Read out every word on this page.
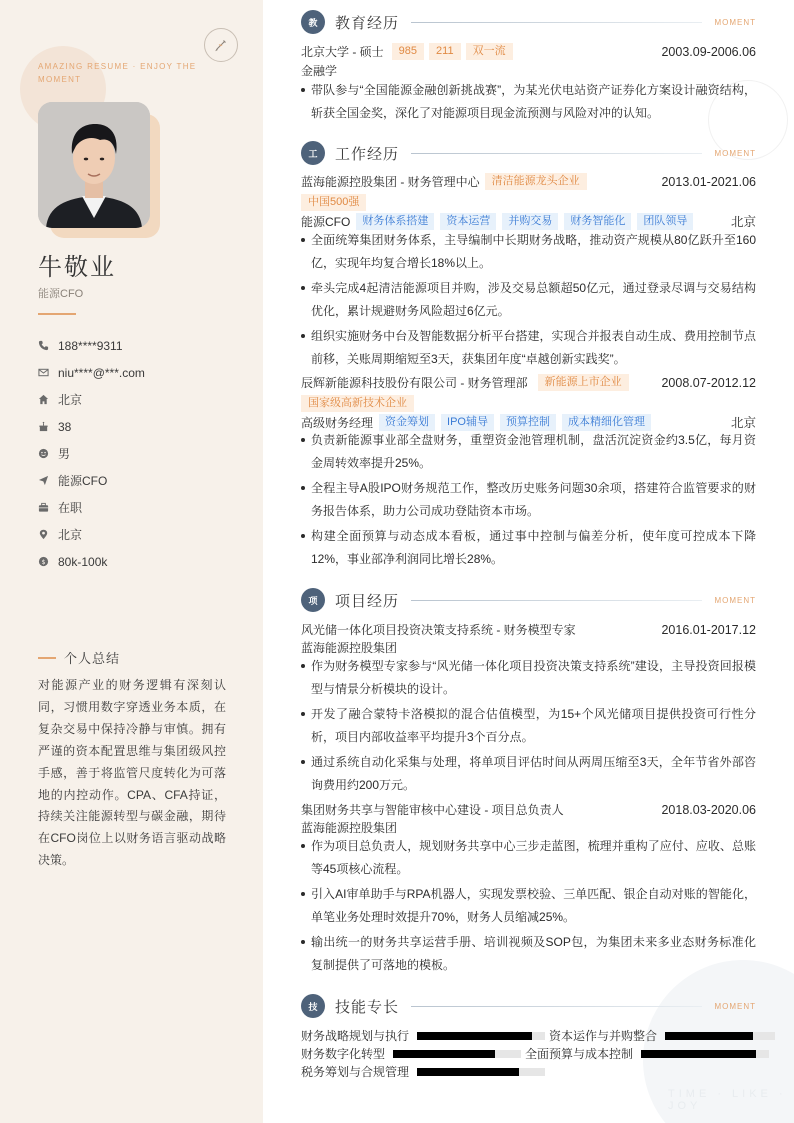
AMAZING RESUME · ENJOY THE MOMENT
牛敬业
能源CFO
188****9311
niu****@***.com
北京
38
男
能源CFO
在职
北京
$ 80k-100k
个人总结
对能源产业的财务逻辑有深刻认同，习惯用数字穿透业务本质，在复杂交易中保持冷静与审慎。拥有严谨的资本配置思维与集团级风控手感，善于将监管尺度转化为可落地的内控动作。CPA、CFA持证，持续关注能源转型与碳金融，期待在CFO岗位上以财务语言驱动战略决策。
TIME · LIKE · JOY
教	教育经历	MOMENT
北京大学 - 硕士	985	211	双一流	2003.09-2006.06
金融学
带队参与“全国能源金融创新挑战赛”，为某光伏电站资产证券化方案设计融资结构，斩获全国金奖，深化了对能源项目现金流预测与风险对冲的认知。
工	工作经历	MOMENT
蓝海能源控股集团 - 财务管理中心	清洁能源龙头企业	2013.01-2021.06
中国500强
能源CFO	财务体系搭建	资本运营	并购交易	财务智能化	团队领导	北京
全面统筹集团财务体系，主导编制中长期财务战略，推动资产规模从80亿跃升至160亿，实现年均复合增长18%以上。
牵头完成4起清洁能源项目并购，涉及交易总额超50亿元，通过登录尽调与交易结构优化，累计规避财务风险超过6亿元。
组织实施财务中台及智能数据分析平台搭建，实现合并报表自动生成、费用控制节点前移，关账周期缩短至3天，获集团年度“卓越创新实践奖”。
辰辉新能源科技股份有限公司 - 财务管理部	新能源上市企业	2008.07-2012.12
国家级高新技术企业
高级财务经理	资金筹划	IPO辅导	预算控制	成本精细化管理	北京
负责新能源事业部全盘财务，重塑资金池管理机制，盘活沉淀资金约3.5亿，每月资金周转效率提升25%。
全程主导A股IPO财务规范工作，整改历史账务问题30余项，搭建符合监管要求的财务报告体系，助力公司成功登陆资本市场。
构建全面预算与动态成本看板，通过事中控制与偏差分析，使年度可控成本下降12%，事业部净利润同比增长28%。
项	项目经历	MOMENT
风光储一体化项目投资决策支持系统 - 财务模型专家	2016.01-2017.12
蓝海能源控股集团
作为财务模型专家参与“风光储一体化项目投资决策支持系统”建设，主导投资回报模型与情景分析模块的设计。
开发了融合蒙特卡洛模拟的混合估值模型，为15+个风光储项目提供投资可行性分析，项目内部收益率平均提升3个百分点。
通过系统自动化采集与处理，将单项目评估时间从两周压缩至3天，全年节省外部咨询费用约200万元。
集团财务共享与智能审核中心建设 - 项目总负责人	2018.03-2020.06
蓝海能源控股集团
作为项目总负责人，规划财务共享中心三步走蓝图，梳理并重构了应付、应收、总账等45项核心流程。
引入AI审单助手与RPA机器人，实现发票校验、三单匹配、银企自动对账的智能化，单笔业务处理时效提升70%，财务人员缩减25%。
输出统一的财务共享运营手册、培训视频及SOP包，为集团未来多业态财务标准化复制提供了可落地的模板。
技	技能专长	MOMENT
财务战略规划与执行	资本运作与并购整合
财务数字化转型	全面预算与成本控制
税务筹划与合规管理
